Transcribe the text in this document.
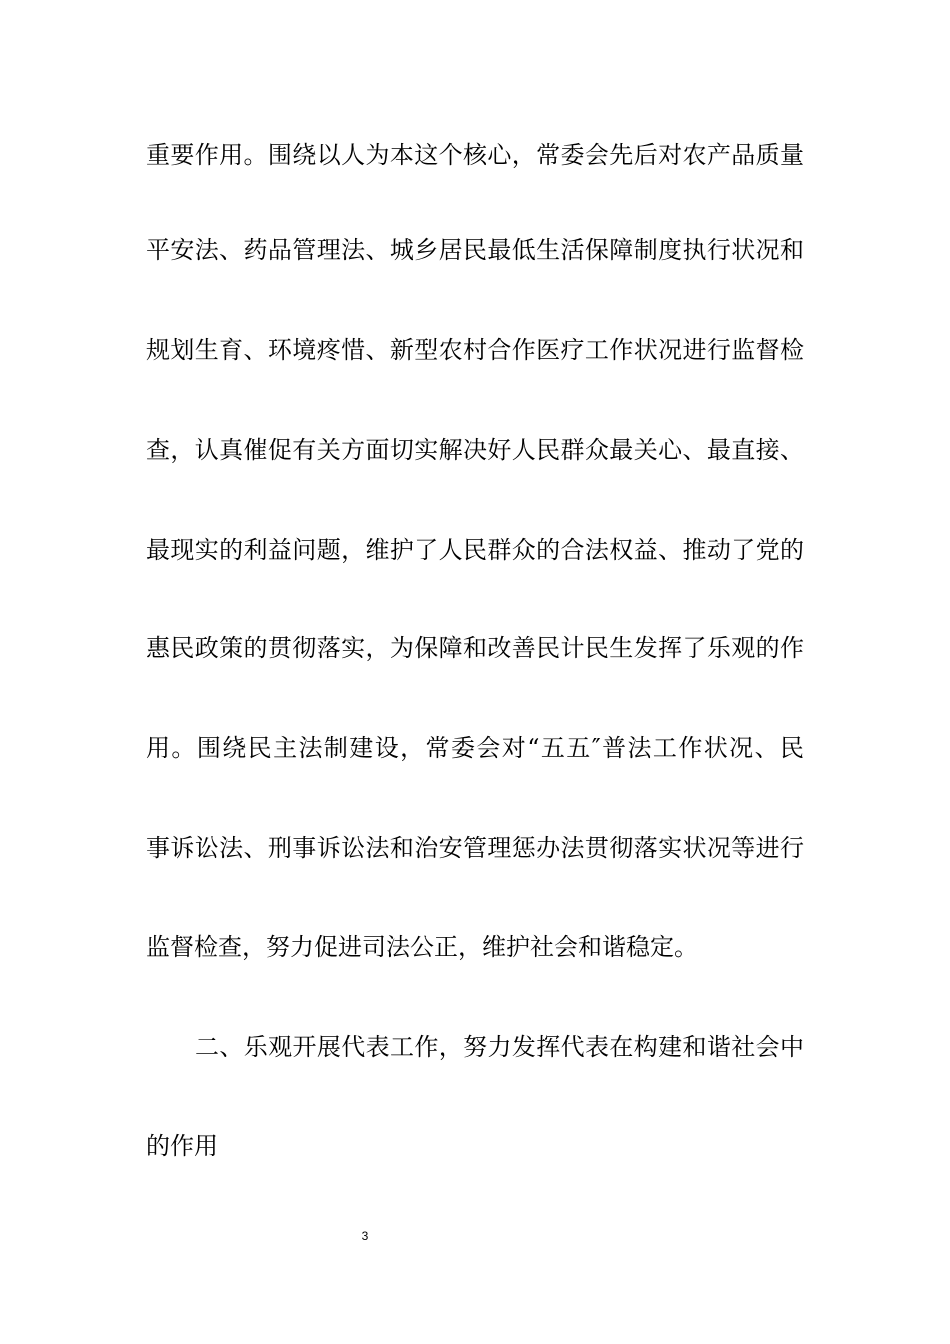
重要作用。围绕以人为本这个核心，常委会先后对农产品质量
平安法、药品管理法、城乡居民最低生活保障制度执行状况和
规划生育、环境疼惜、新型农村合作医疗工作状况进行监督检
查，认真催促有关方面切实解决好人民群众最关心、最直接、
最现实的利益问题，维护了人民群众的合法权益、推动了党的
惠民政策的贯彻落实，为保障和改善民计民生发挥了乐观的作
用。围绕民主法制建设，常委会对“五五″普法工作状况、民
事诉讼法、刑事诉讼法和治安管理惩办法贯彻落实状况等进行
监督检查，努力促进司法公正，维护社会和谐稳定。
二、乐观开展代表工作，努力发挥代表在构建和谐社会中
的作用
3
